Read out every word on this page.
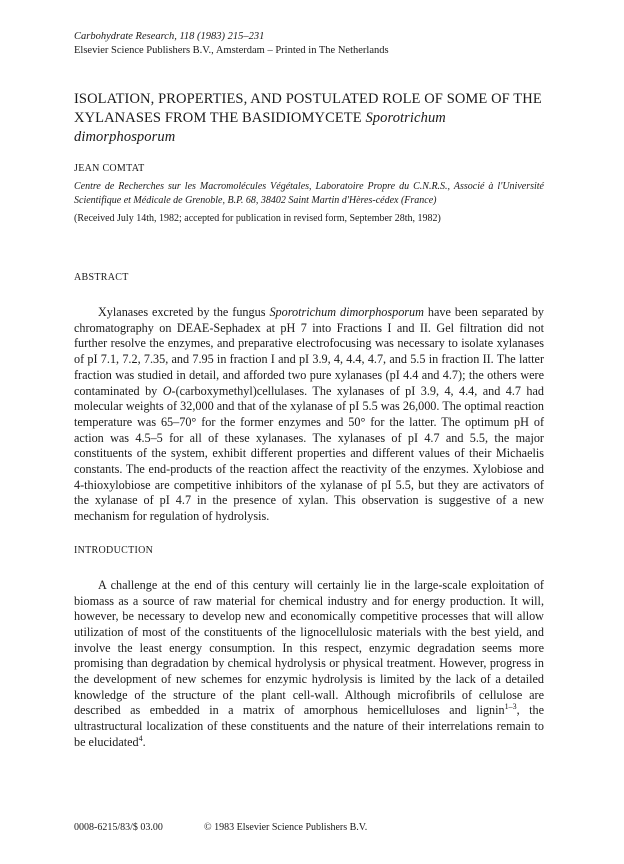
Carbohydrate Research, 118 (1983) 215–231
Elsevier Science Publishers B.V., Amsterdam – Printed in The Netherlands
ISOLATION, PROPERTIES, AND POSTULATED ROLE OF SOME OF THE XYLANASES FROM THE BASIDIOMYCETE Sporotrichum dimorphosporum
JEAN COMTAT
Centre de Recherches sur les Macromolécules Végétales, Laboratoire Propre du C.N.R.S., Associé à l'Université Scientifique et Médicale de Grenoble, B.P. 68, 38402 Saint Martin d'Hères-cédex (France)
(Received July 14th, 1982; accepted for publication in revised form, September 28th, 1982)
ABSTRACT
Xylanases excreted by the fungus Sporotrichum dimorphosporum have been separated by chromatography on DEAE-Sephadex at pH 7 into Fractions I and II. Gel filtration did not further resolve the enzymes, and preparative electrofocusing was necessary to isolate xylanases of pI 7.1, 7.2, 7.35, and 7.95 in fraction I and pI 3.9, 4, 4.4, 4.7, and 5.5 in fraction II. The latter fraction was studied in detail, and afforded two pure xylanases (pI 4.4 and 4.7); the others were contaminated by O-(carboxymethyl)cellulases. The xylanases of pI 3.9, 4, 4.4, and 4.7 had molecular weights of 32,000 and that of the xylanase of pI 5.5 was 26,000. The optimal reaction temperature was 65–70° for the former enzymes and 50° for the latter. The optimum pH of action was 4.5–5 for all of these xylanases. The xylanases of pI 4.7 and 5.5, the major constituents of the system, exhibit different properties and different values of their Michaelis constants. The end-products of the reaction affect the reactivity of the enzymes. Xylobiose and 4-thioxylobiose are competitive inhibitors of the xylanase of pI 5.5, but they are activators of the xylanase of pI 4.7 in the presence of xylan. This observation is suggestive of a new mechanism for regulation of hydrolysis.
INTRODUCTION
A challenge at the end of this century will certainly lie in the large-scale exploitation of biomass as a source of raw material for chemical industry and for energy production. It will, however, be necessary to develop new and economically competitive processes that will allow utilization of most of the constituents of the lignocellulosic materials with the best yield, and involve the least energy consumption. In this respect, enzymic degradation seems more promising than degradation by chemical hydrolysis or physical treatment. However, progress in the development of new schemes for enzymic hydrolysis is limited by the lack of a detailed knowledge of the structure of the plant cell-wall. Although microfibrils of cellulose are described as embedded in a matrix of amorphous hemicelluloses and lignin$^{1-3}$, the ultrastructural localization of these constituents and the nature of their interrelations remain to be elucidated$^4$.
0008-6215/83/$ 03.00	© 1983 Elsevier Science Publishers B.V.
